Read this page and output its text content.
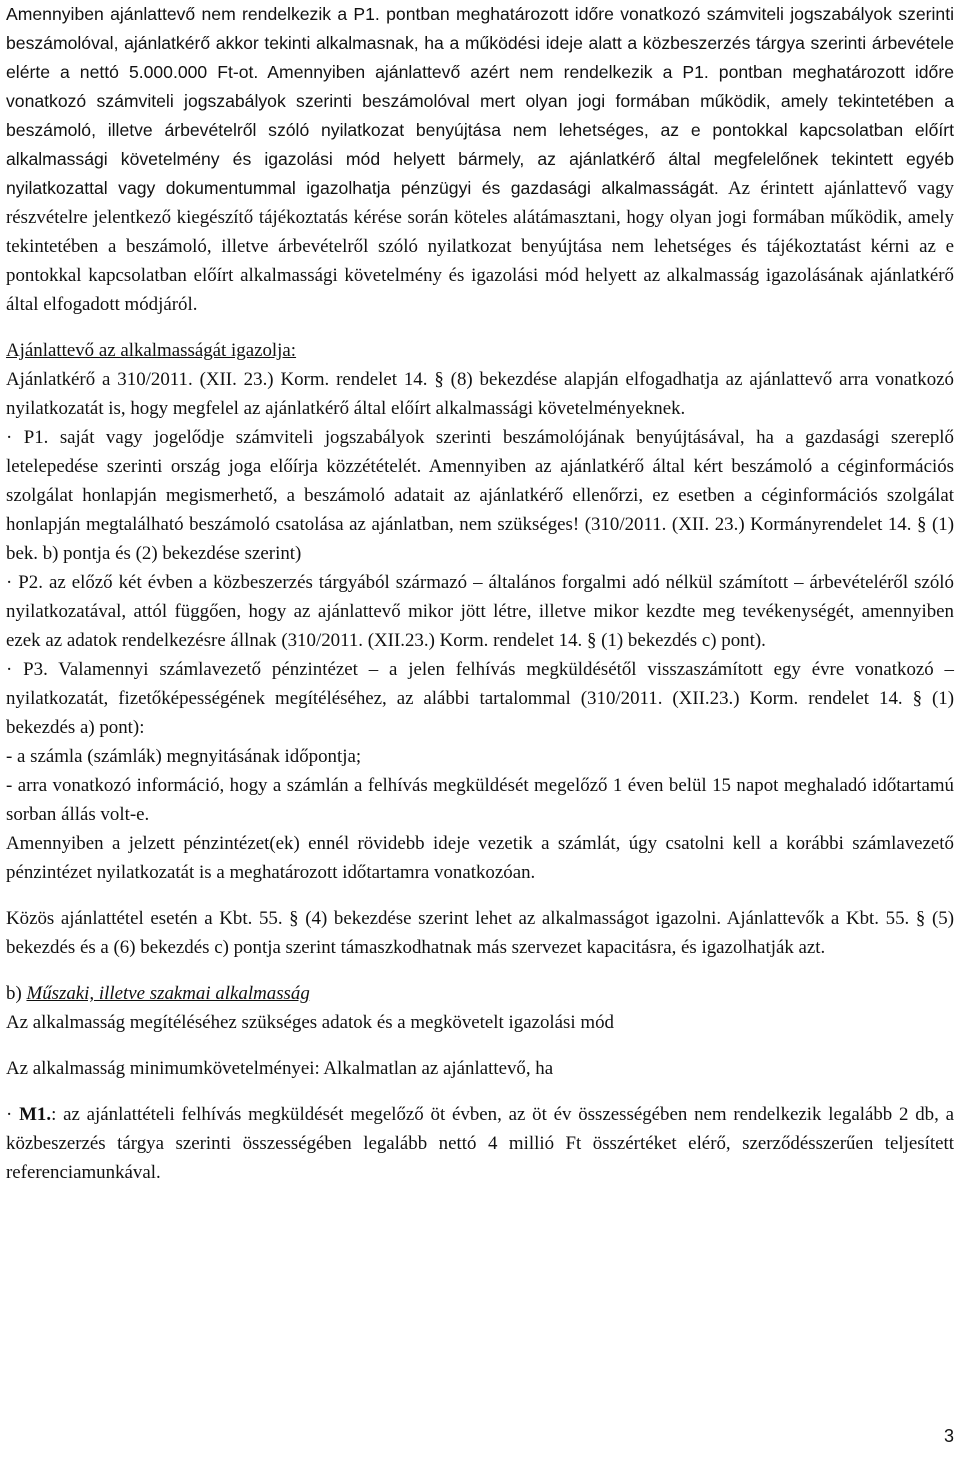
Amennyiben ajánlattevő nem rendelkezik a P1. pontban meghatározott időre vonatkozó számviteli jogszabályok szerinti beszámolóval, ajánlatkérő akkor tekinti alkalmasnak, ha a működési ideje alatt a közbeszerzés tárgya szerinti árbevétele elérte a nettó 5.000.000 Ft-ot. Amennyiben ajánlattevő azért nem rendelkezik a P1. pontban meghatározott időre vonatkozó számviteli jogszabályok szerinti beszámolóval mert olyan jogi formában működik, amely tekintetében a beszámoló, illetve árbevételről szóló nyilatkozat benyújtása nem lehetséges, az e pontokkal kapcsolatban előírt alkalmassági követelmény és igazolási mód helyett bármely, az ajánlatkérő által megfelelőnek tekintett egyéb nyilatkozattal vagy dokumentummal igazolhatja pénzügyi és gazdasági alkalmasságát. Az érintett ajánlattevő vagy részvételre jelentkező kiegészítő tájékoztatás kérése során köteles alátámasztani, hogy olyan jogi formában működik, amely tekintetében a beszámoló, illetve árbevételről szóló nyilatkozat benyújtása nem lehetséges és tájékoztatást kérni az e pontokkal kapcsolatban előírt alkalmassági követelmény és igazolási mód helyett az alkalmasság igazolásának ajánlatkérő által elfogadott módjáról.

Ajánlattevő az alkalmasságát igazolja:

Ajánlatkérő a 310/2011. (XII. 23.) Korm. rendelet 14. § (8) bekezdése alapján elfogadhatja az ajánlattevő arra vonatkozó nyilatkozatát is, hogy megfelel az ajánlatkérő által előírt alkalmassági követelményeknek.

· P1. saját vagy jogelődje számviteli jogszabályok szerinti beszámolójának benyújtásával, ha a gazdasági szereplő letelepedése szerinti ország joga előírja közzétételét. Amennyiben az ajánlatkérő által kért beszámoló a céginformációs szolgálat honlapján megismerhető, a beszámoló adatait az ajánlatkérő ellenőrzi, ez esetben a céginformációs szolgálat honlapján megtalálható beszámoló csatolása az ajánlatban, nem szükséges! (310/2011. (XII. 23.) Kormányrendelet 14. § (1) bek. b) pontja és (2) bekezdése szerint)

· P2. az előző két évben a közbeszerzés tárgyából származó – általános forgalmi adó nélkül számított – árbevételéről szóló nyilatkozatával, attól függően, hogy az ajánlattevő mikor jött létre, illetve mikor kezdte meg tevékenységét, amennyiben ezek az adatok rendelkezésre állnak (310/2011. (XII.23.) Korm. rendelet 14. § (1) bekezdés c) pont).

· P3. Valamennyi számlavezető pénzintézet – a jelen felhívás megküldésétől visszaszámított egy évre vonatkozó – nyilatkozatát, fizetőképességének megítéléséhez, az alábbi tartalommal (310/2011. (XII.23.) Korm. rendelet 14. § (1) bekezdés a) pont):

- a számla (számlák) megnyitásának időpontja;

- arra vonatkozó információ, hogy a számlán a felhívás megküldését megelőző 1 éven belül 15 napot meghaladó időtartamú sorban állás volt-e.

Amennyiben a jelzett pénzintézet(ek) ennél rövidebb ideje vezetik a számlát, úgy csatolni kell a korábbi számlavezető pénzintézet nyilatkozatát is a meghatározott időtartamra vonatkozóan.

Közös ajánlattétel esetén a Kbt. 55. § (4) bekezdése szerint lehet az alkalmasságot igazolni. Ajánlattevők a Kbt. 55. § (5) bekezdés és a (6) bekezdés c) pontja szerint támaszkodhatnak más szervezet kapacitásra, és igazolhatják azt.

b) Műszaki, illetve szakmai alkalmasság

Az alkalmasság megítéléséhez szükséges adatok és a megkövetelt igazolási mód

Az alkalmasság minimumkövetelményei: Alkalmatlan az ajánlattevő, ha

· M1.: az ajánlattételi felhívás megküldését megelőző öt évben, az öt év összességében nem rendelkezik legalább 2 db, a közbeszerzés tárgya szerinti összességében legalább nettó 4 millió Ft összértéket elérő, szerződésszerűen teljesített referenciamunkával.

3
